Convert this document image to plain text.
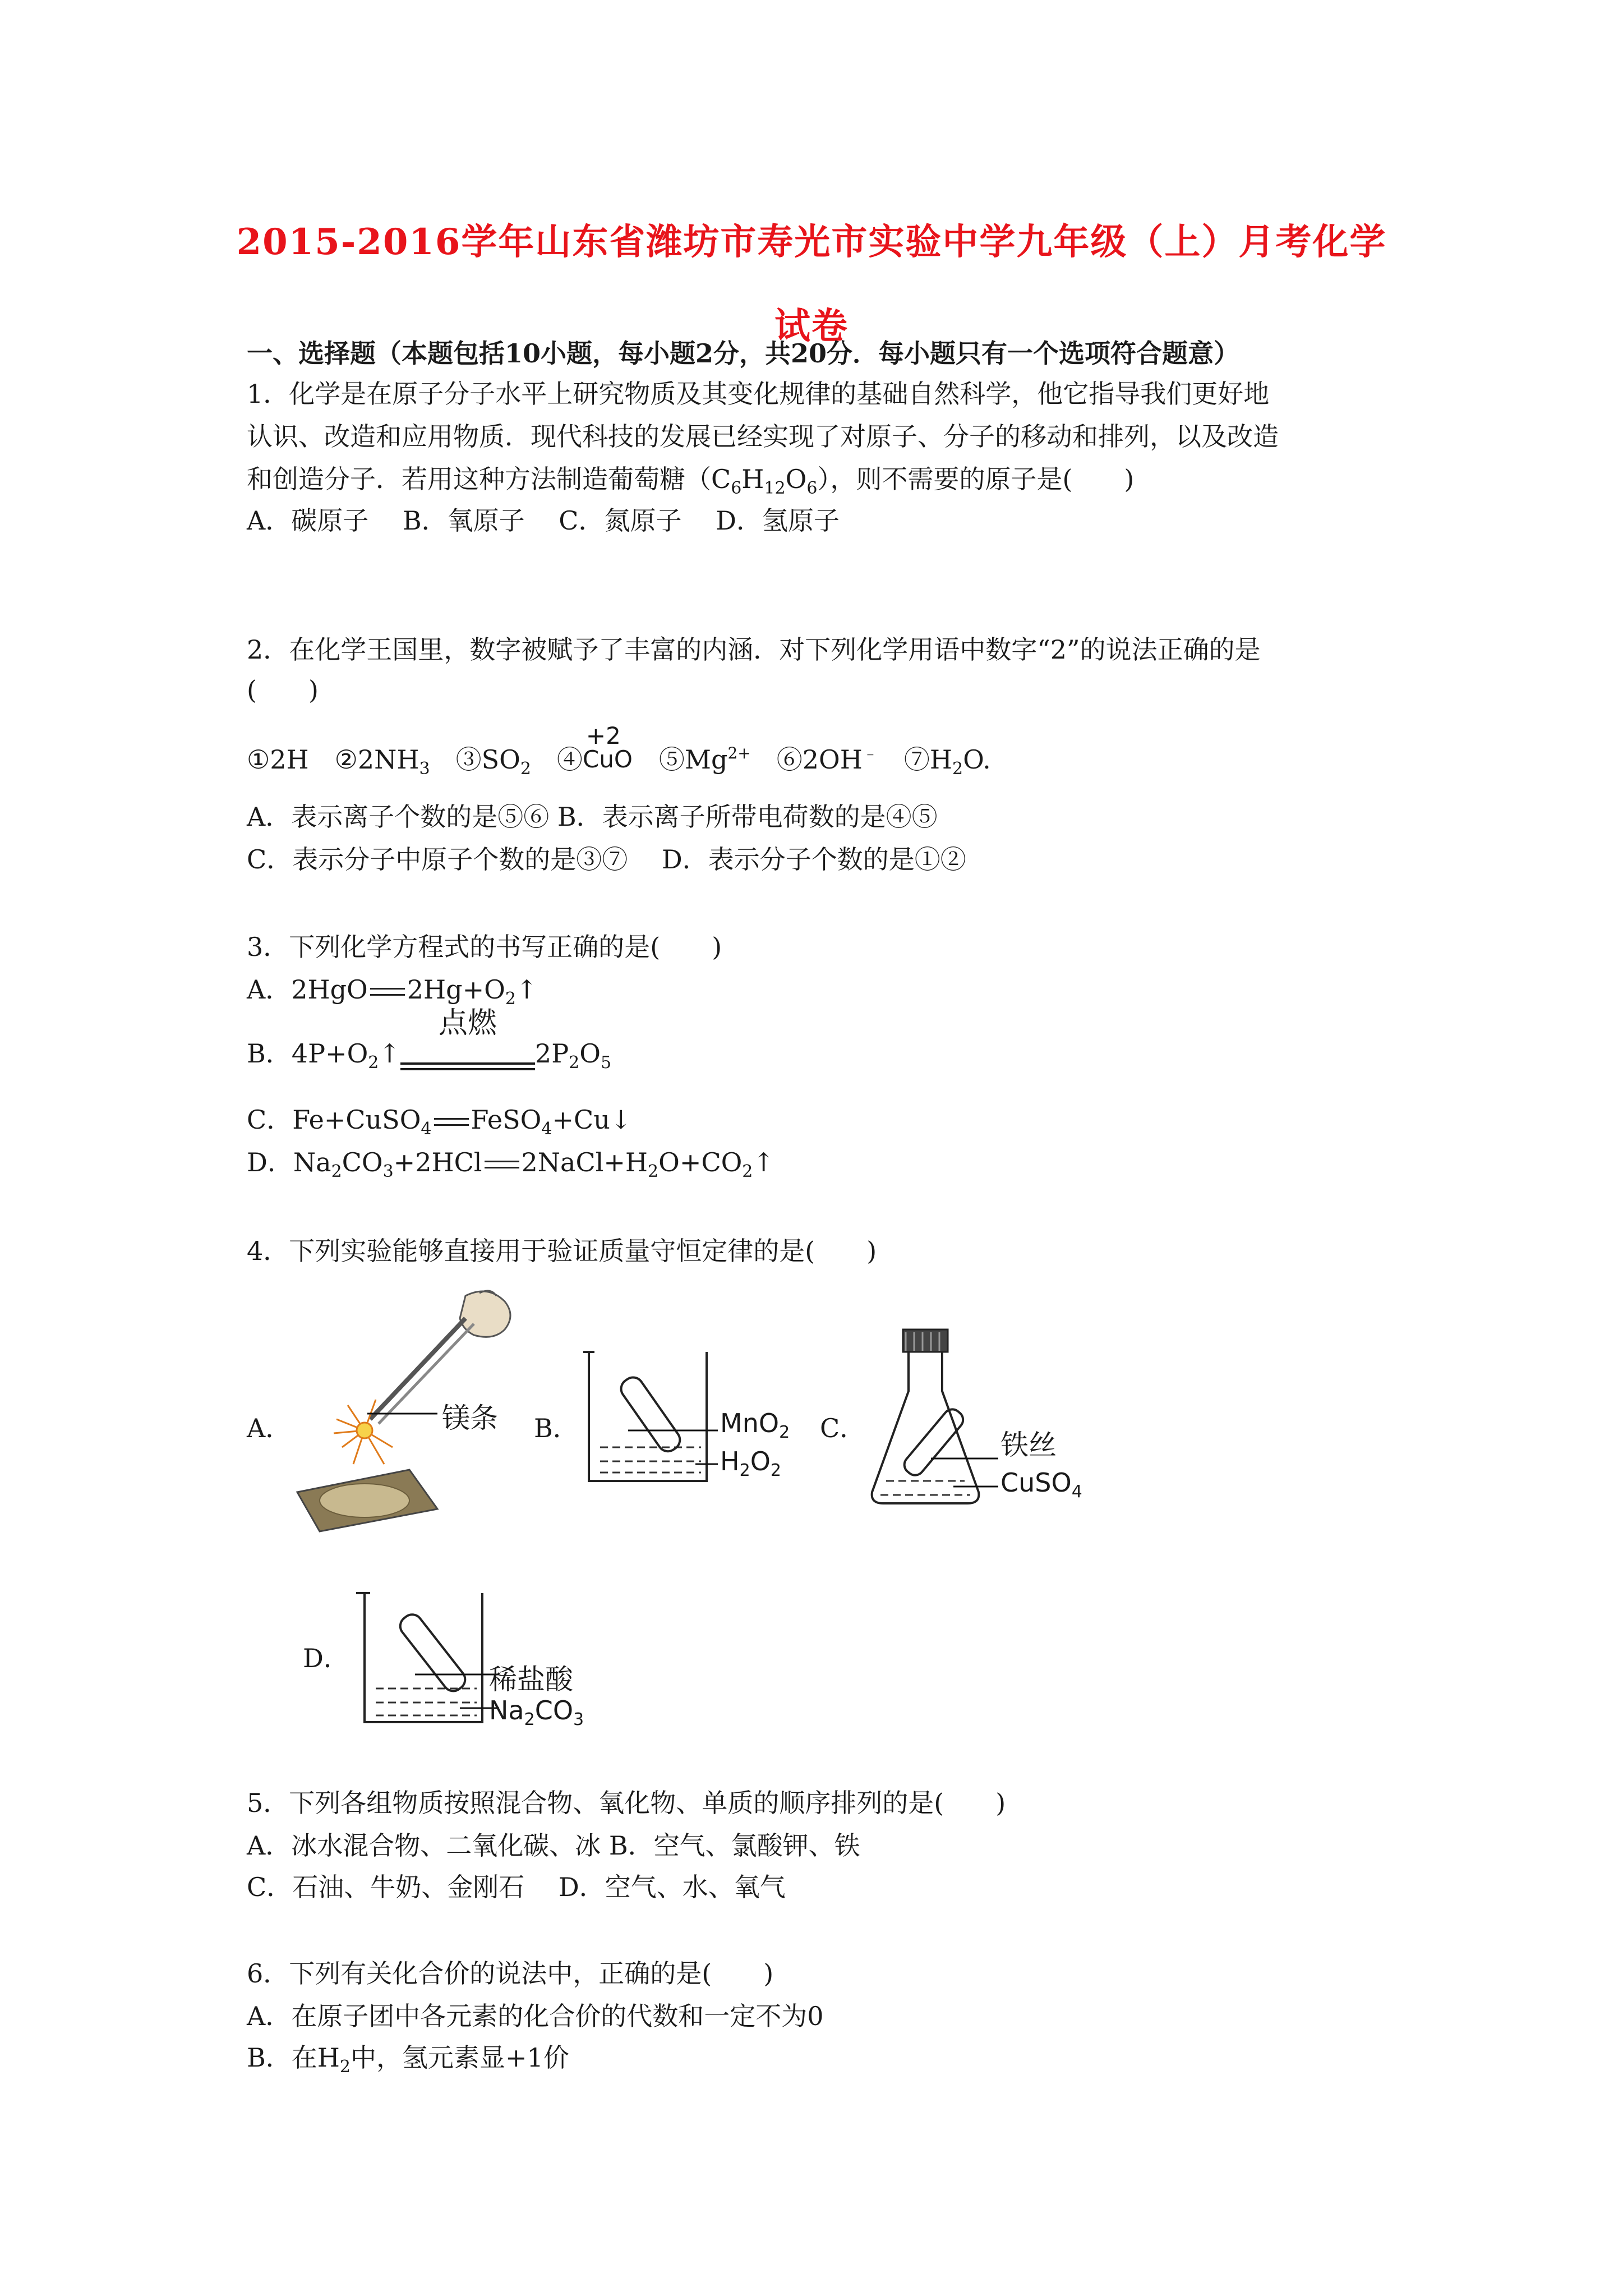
2015-2016学年山东省潍坊市寿光市实验中学九年级（上）月考化学
试卷
一、选择题（本题包括10小题，每小题2分，共20分．每小题只有一个选项符合题意）
1．化学是在原子分子水平上研究物质及其变化规律的基础自然科学，他它指导我们更好地
认识、改造和应用物质．现代科技的发展已经实现了对原子、分子的移动和排列，以及改造
和创造分子．若用这种方法制造葡萄糖$(C_6H_{12}O_6)$，则不需要的原子是(　　)
A．碳原子　 B．氧原子　 C．氮原子　 D．氢原子
2．在化学王国里，数字被赋予了丰富的内涵．对下列化学用语中数字“2”的说法正确的是
(　　)
①2H　$②2NH_3$　$③SO_2$　④
+2
CuO 　$⑤Mg^{2+}$　⑥2OH﹣　$⑦H_2O$.
A．表示离子个数的是⑤⑥ B．表示离子所带电荷数的是④⑤
C．表示分子中原子个数的是③⑦　 D．表示分子个数的是①②
3．下列化学方程式的书写正确的是(　　)
A．2HgO $2Hg+O_2↑$
B．$4P+O_2↑$
点燃
$2P_2O_5$
C．Fe+CuSO$_4$ FeSO$_4$+Cu↓
D．$Na_2CO_3+2HCl$ $2NaCl+H_2O+CO_2↑$
4．下列实验能够直接用于验证质量守恒定律的是(　　)
A．	B．	C．
D．
镁条	MnO$_2$
$H_2O_2$
铁丝
CuSO$_4$
稀盐酸
$Na_2CO_3$
5．下列各组物质按照混合物、氧化物、单质的顺序排列的是(　　)
A．冰水混合物、二氧化碳、冰 B．空气、氯酸钾、铁
C．石油、牛奶、金刚石　 D．空气、水、氧气
6．下列有关化合价的说法中，正确的是(　　)
A．在原子团中各元素的化合价的代数和一定不为0
B．在$H_2$中，氢元素显+1价
